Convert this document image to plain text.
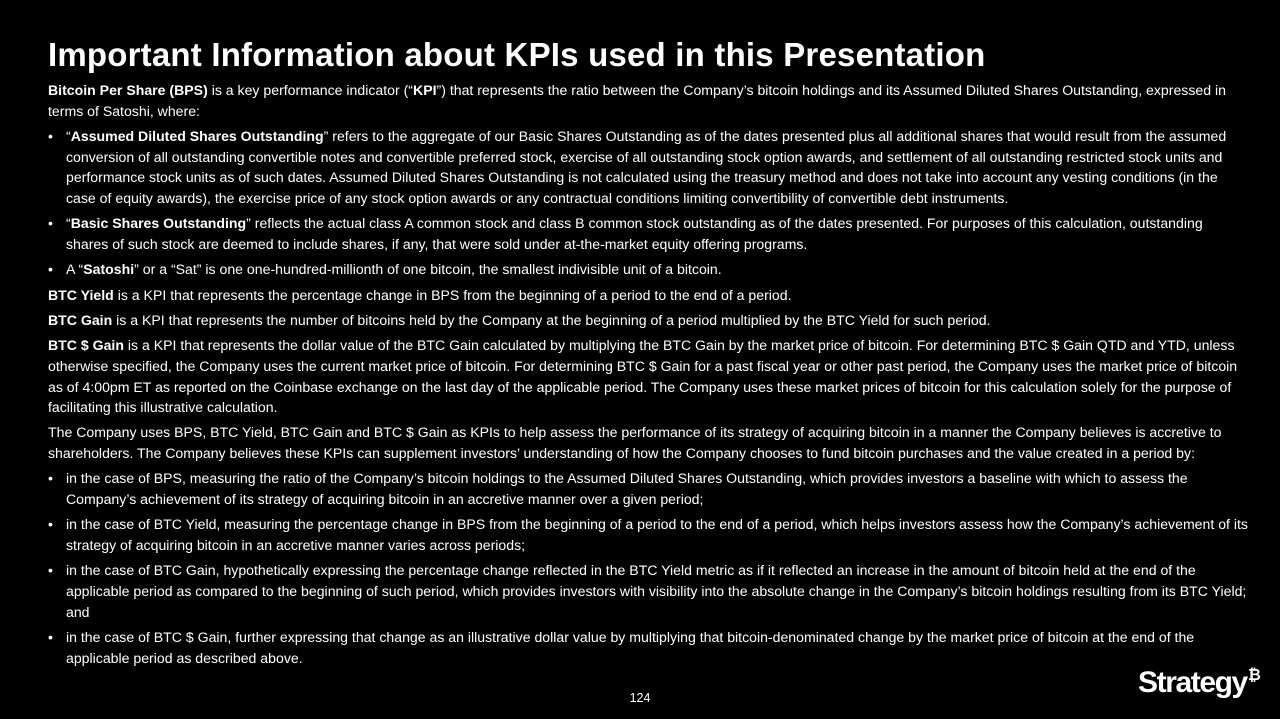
Important Information about KPIs used in this Presentation

Bitcoin Per Share (BPS) is a key performance indicator (“KPI”) that represents the ratio between the Company’s bitcoin holdings and its Assumed Diluted Shares Outstanding, expressed in terms of Satoshi, where:

• “Assumed Diluted Shares Outstanding” refers to the aggregate of our Basic Shares Outstanding as of the dates presented plus all additional shares that would result from the assumed conversion of all outstanding convertible notes and convertible preferred stock, exercise of all outstanding stock option awards, and settlement of all outstanding restricted stock units and performance stock units as of such dates. Assumed Diluted Shares Outstanding is not calculated using the treasury method and does not take into account any vesting conditions (in the case of equity awards), the exercise price of any stock option awards or any contractual conditions limiting convertibility of convertible debt instruments.
• “Basic Shares Outstanding” reflects the actual class A common stock and class B common stock outstanding as of the dates presented. For purposes of this calculation, outstanding shares of such stock are deemed to include shares, if any, that were sold under at-the-market equity offering programs.
• A “Satoshi” or a “Sat” is one one-hundred-millionth of one bitcoin, the smallest indivisible unit of a bitcoin.

BTC Yield is a KPI that represents the percentage change in BPS from the beginning of a period to the end of a period.

BTC Gain is a KPI that represents the number of bitcoins held by the Company at the beginning of a period multiplied by the BTC Yield for such period.

BTC $ Gain is a KPI that represents the dollar value of the BTC Gain calculated by multiplying the BTC Gain by the market price of bitcoin. For determining BTC $ Gain QTD and YTD, unless otherwise specified, the Company uses the current market price of bitcoin. For determining BTC $ Gain for a past fiscal year or other past period, the Company uses the market price of bitcoin as of 4:00pm ET as reported on the Coinbase exchange on the last day of the applicable period. The Company uses these market prices of bitcoin for this calculation solely for the purpose of facilitating this illustrative calculation.

The Company uses BPS, BTC Yield, BTC Gain and BTC $ Gain as KPIs to help assess the performance of its strategy of acquiring bitcoin in a manner the Company believes is accretive to shareholders. The Company believes these KPIs can supplement investors’ understanding of how the Company chooses to fund bitcoin purchases and the value created in a period by:

• in the case of BPS, measuring the ratio of the Company’s bitcoin holdings to the Assumed Diluted Shares Outstanding, which provides investors a baseline with which to assess the Company’s achievement of its strategy of acquiring bitcoin in an accretive manner over a given period;
• in the case of BTC Yield, measuring the percentage change in BPS from the beginning of a period to the end of a period, which helps investors assess how the Company’s achievement of its strategy of acquiring bitcoin in an accretive manner varies across periods;
• in the case of BTC Gain, hypothetically expressing the percentage change reflected in the BTC Yield metric as if it reflected an increase in the amount of bitcoin held at the end of the applicable period as compared to the beginning of such period, which provides investors with visibility into the absolute change in the Company’s bitcoin holdings resulting from its BTC Yield; and
• in the case of BTC $ Gain, further expressing that change as an illustrative dollar value by multiplying that bitcoin-denominated change by the market price of bitcoin at the end of the applicable period as described above.
124	Strategy₿
